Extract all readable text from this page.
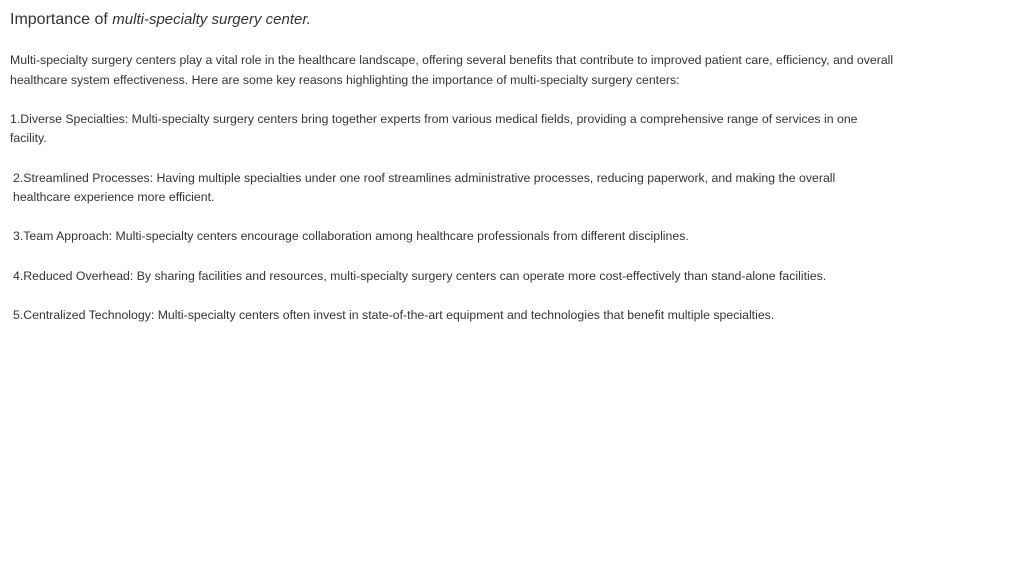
Importance of multi-specialty surgery center.

Multi-specialty surgery centers play a vital role in the healthcare landscape, offering several benefits that contribute to improved patient care, efficiency, and overall healthcare system effectiveness. Here are some key reasons highlighting the importance of multi-specialty surgery centers:

1.Diverse Specialties: Multi-specialty surgery centers bring together experts from various medical fields, providing a comprehensive range of services in one facility.

2.Streamlined Processes: Having multiple specialties under one roof streamlines administrative processes, reducing paperwork, and making the overall healthcare experience more efficient.

3.Team Approach: Multi-specialty centers encourage collaboration among healthcare professionals from different disciplines.

4.Reduced Overhead: By sharing facilities and resources, multi-specialty surgery centers can operate more cost-effectively than stand-alone facilities.

5.Centralized Technology: Multi-specialty centers often invest in state-of-the-art equipment and technologies that benefit multiple specialties.
